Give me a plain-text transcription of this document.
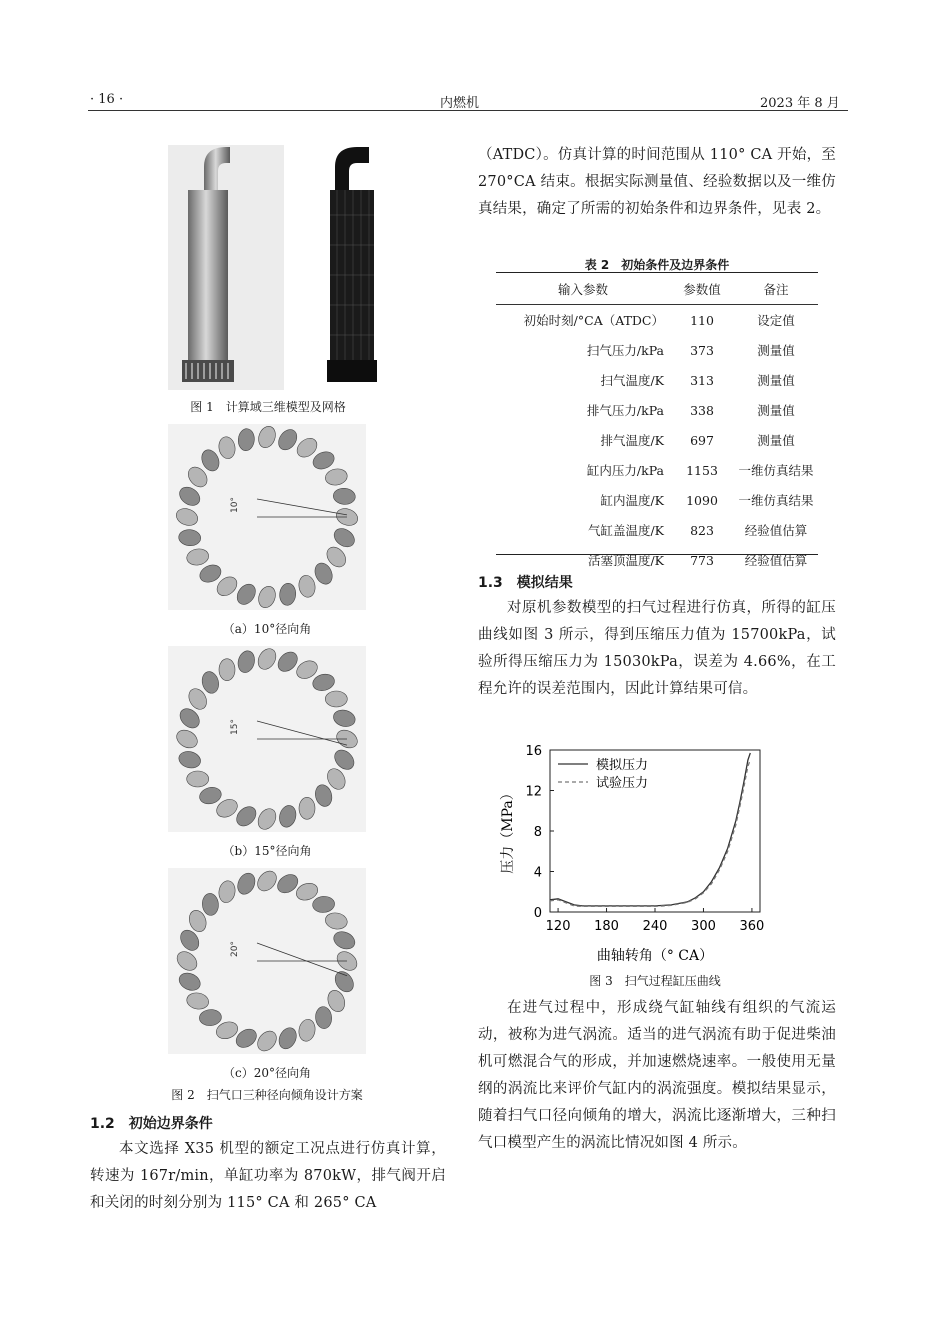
· 16 ·	内燃机	2023 年 8 月
图 1　计算域三维模型及网格
10°
（a）10°径向角
15°
（b）15°径向角
20°
（c）20°径向角
图 2　扫气口三种径向倾角设计方案
1.2　初始边界条件

本文选择 X35 机型的额定工况点进行仿真计算，转速为 167r/min，单缸功率为 870kW，排气阀开启和关闭的时刻分别为 115° CA 和 265° CA

（ATDC）。仿真计算的时间范围从 110° CA 开始，至 270°CA 结束。根据实际测量值、经验数据以及一维仿真结果，确定了所需的初始条件和边界条件，见表 2。

表 2　初始条件及边界条件
输入参数	参数值	备注
初始时刻/°CA（ATDC）	110	设定值
扫气压力/kPa	373	测量值
扫气温度/K	313	测量值
排气压力/kPa	338	测量值
排气温度/K	697	测量值
缸内压力/kPa	1153	一维仿真结果
缸内温度/K	1090	一维仿真结果
气缸盖温度/K	823	经验值估算
活塞顶温度/K	773	经验值估算
1.3　模拟结果

对原机参数模型的扫气过程进行仿真，所得的缸压曲线如图 3 所示，得到压缩压力值为 15700kPa，试验所得压缩压力为 15030kPa，误差为 4.66%，在工程允许的误差范围内，因此计算结果可信。

0
4
8
12
16
120 180 240 300 360
模拟压力
试验压力
曲轴转角（° CA）
压力（MPa）
图 3　扫气过程缸压曲线

在进气过程中，形成绕气缸轴线有组织的气流运动，被称为进气涡流。适当的进气涡流有助于促进柴油机可燃混合气的形成，并加速燃烧速率。一般使用无量纲的涡流比来评价气缸内的涡流强度。模拟结果显示，随着扫气口径向倾角的增大，涡流比逐渐增大，三种扫气口模型产生的涡流比情况如图 4 所示。
